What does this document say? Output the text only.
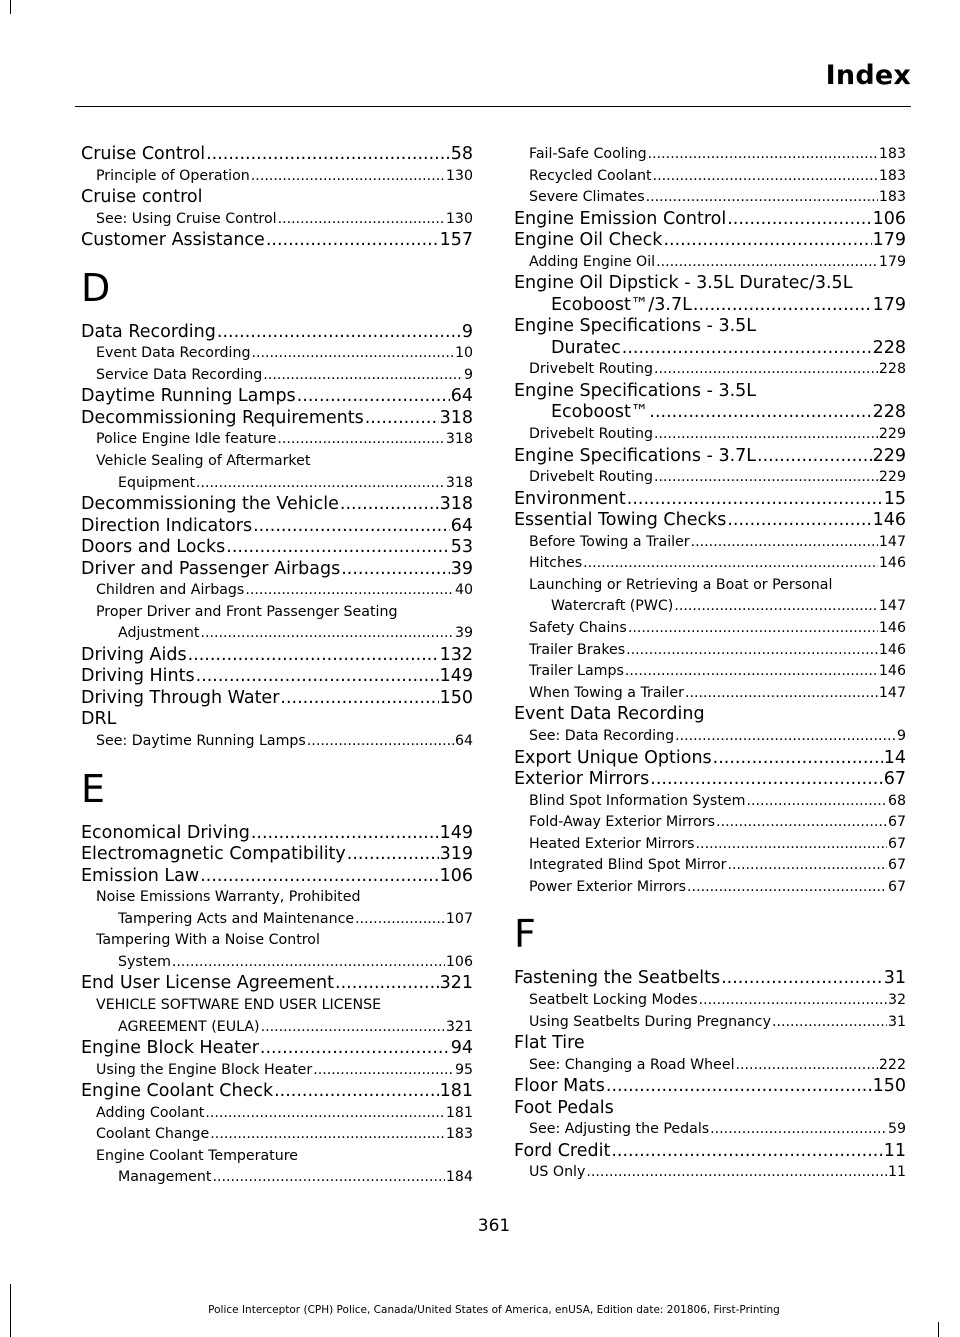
Index
Cruise Control .....	58
Principle of Operation .....	130
Cruise control
See: Using Cruise Control .....	130
Customer Assistance .....	157
D
Data Recording .....	9
Event Data Recording .....	10
Service Data Recording .....	9
Daytime Running Lamps .....	64
Decommissioning Requirements .....	318
Police Engine Idle feature .....	318
Vehicle Sealing of Aftermarket
Equipment .....	318
Decommissioning the Vehicle .....	318
Direction Indicators .....	64
Doors and Locks .....	53
Driver and Passenger Airbags .....	39
Children and Airbags .....	40
Proper Driver and Front Passenger Seating
Adjustment .....	39
Driving Aids .....	132
Driving Hints .....	149
Driving Through Water .....	150
DRL
See: Daytime Running Lamps .....	64
E
Economical Driving .....	149
Electromagnetic Compatibility .....	319
Emission Law .....	106
Noise Emissions Warranty, Prohibited
Tampering Acts and Maintenance .....	107
Tampering With a Noise Control
System .....	106
End User License Agreement .....	321
VEHICLE SOFTWARE END USER LICENSE
AGREEMENT (EULA) .....	321
Engine Block Heater .....	94
Using the Engine Block Heater .....	95
Engine Coolant Check .....	181
Adding Coolant .....	181
Coolant Change .....	183
Engine Coolant Temperature
Management .....	184
Fail-Safe Cooling .....	183
Recycled Coolant .....	183
Severe Climates .....	183
Engine Emission Control .....	106
Engine Oil Check .....	179
Adding Engine Oil .....	179
Engine Oil Dipstick - 3.5L Duratec/3.5L
Ecoboost™/3.7L .....	179
Engine Specifications - 3.5L
Duratec .....	228
Drivebelt Routing .....	228
Engine Specifications - 3.5L
Ecoboost™ .....	228
Drivebelt Routing .....	229
Engine Specifications - 3.7L .....	229
Drivebelt Routing .....	229
Environment .....	15
Essential Towing Checks .....	146
Before Towing a Trailer .....	147
Hitches .....	146
Launching or Retrieving a Boat or Personal
Watercraft (PWC) .....	147
Safety Chains .....	146
Trailer Brakes .....	146
Trailer Lamps .....	146
When Towing a Trailer .....	147
Event Data Recording
See: Data Recording .....	9
Export Unique Options .....	14
Exterior Mirrors .....	67
Blind Spot Information System .....	68
Fold-Away Exterior Mirrors .....	67
Heated Exterior Mirrors .....	67
Integrated Blind Spot Mirror .....	67
Power Exterior Mirrors .....	67
F
Fastening the Seatbelts .....	31
Seatbelt Locking Modes .....	32
Using Seatbelts During Pregnancy .....	31
Flat Tire
See: Changing a Road Wheel .....	222
Floor Mats .....	150
Foot Pedals
See: Adjusting the Pedals .....	59
Ford Credit .....	11
US Only .....	11
361
Police Interceptor (CPH) Police, Canada/United States of America, enUSA, Edition date: 201806, First-Printing
